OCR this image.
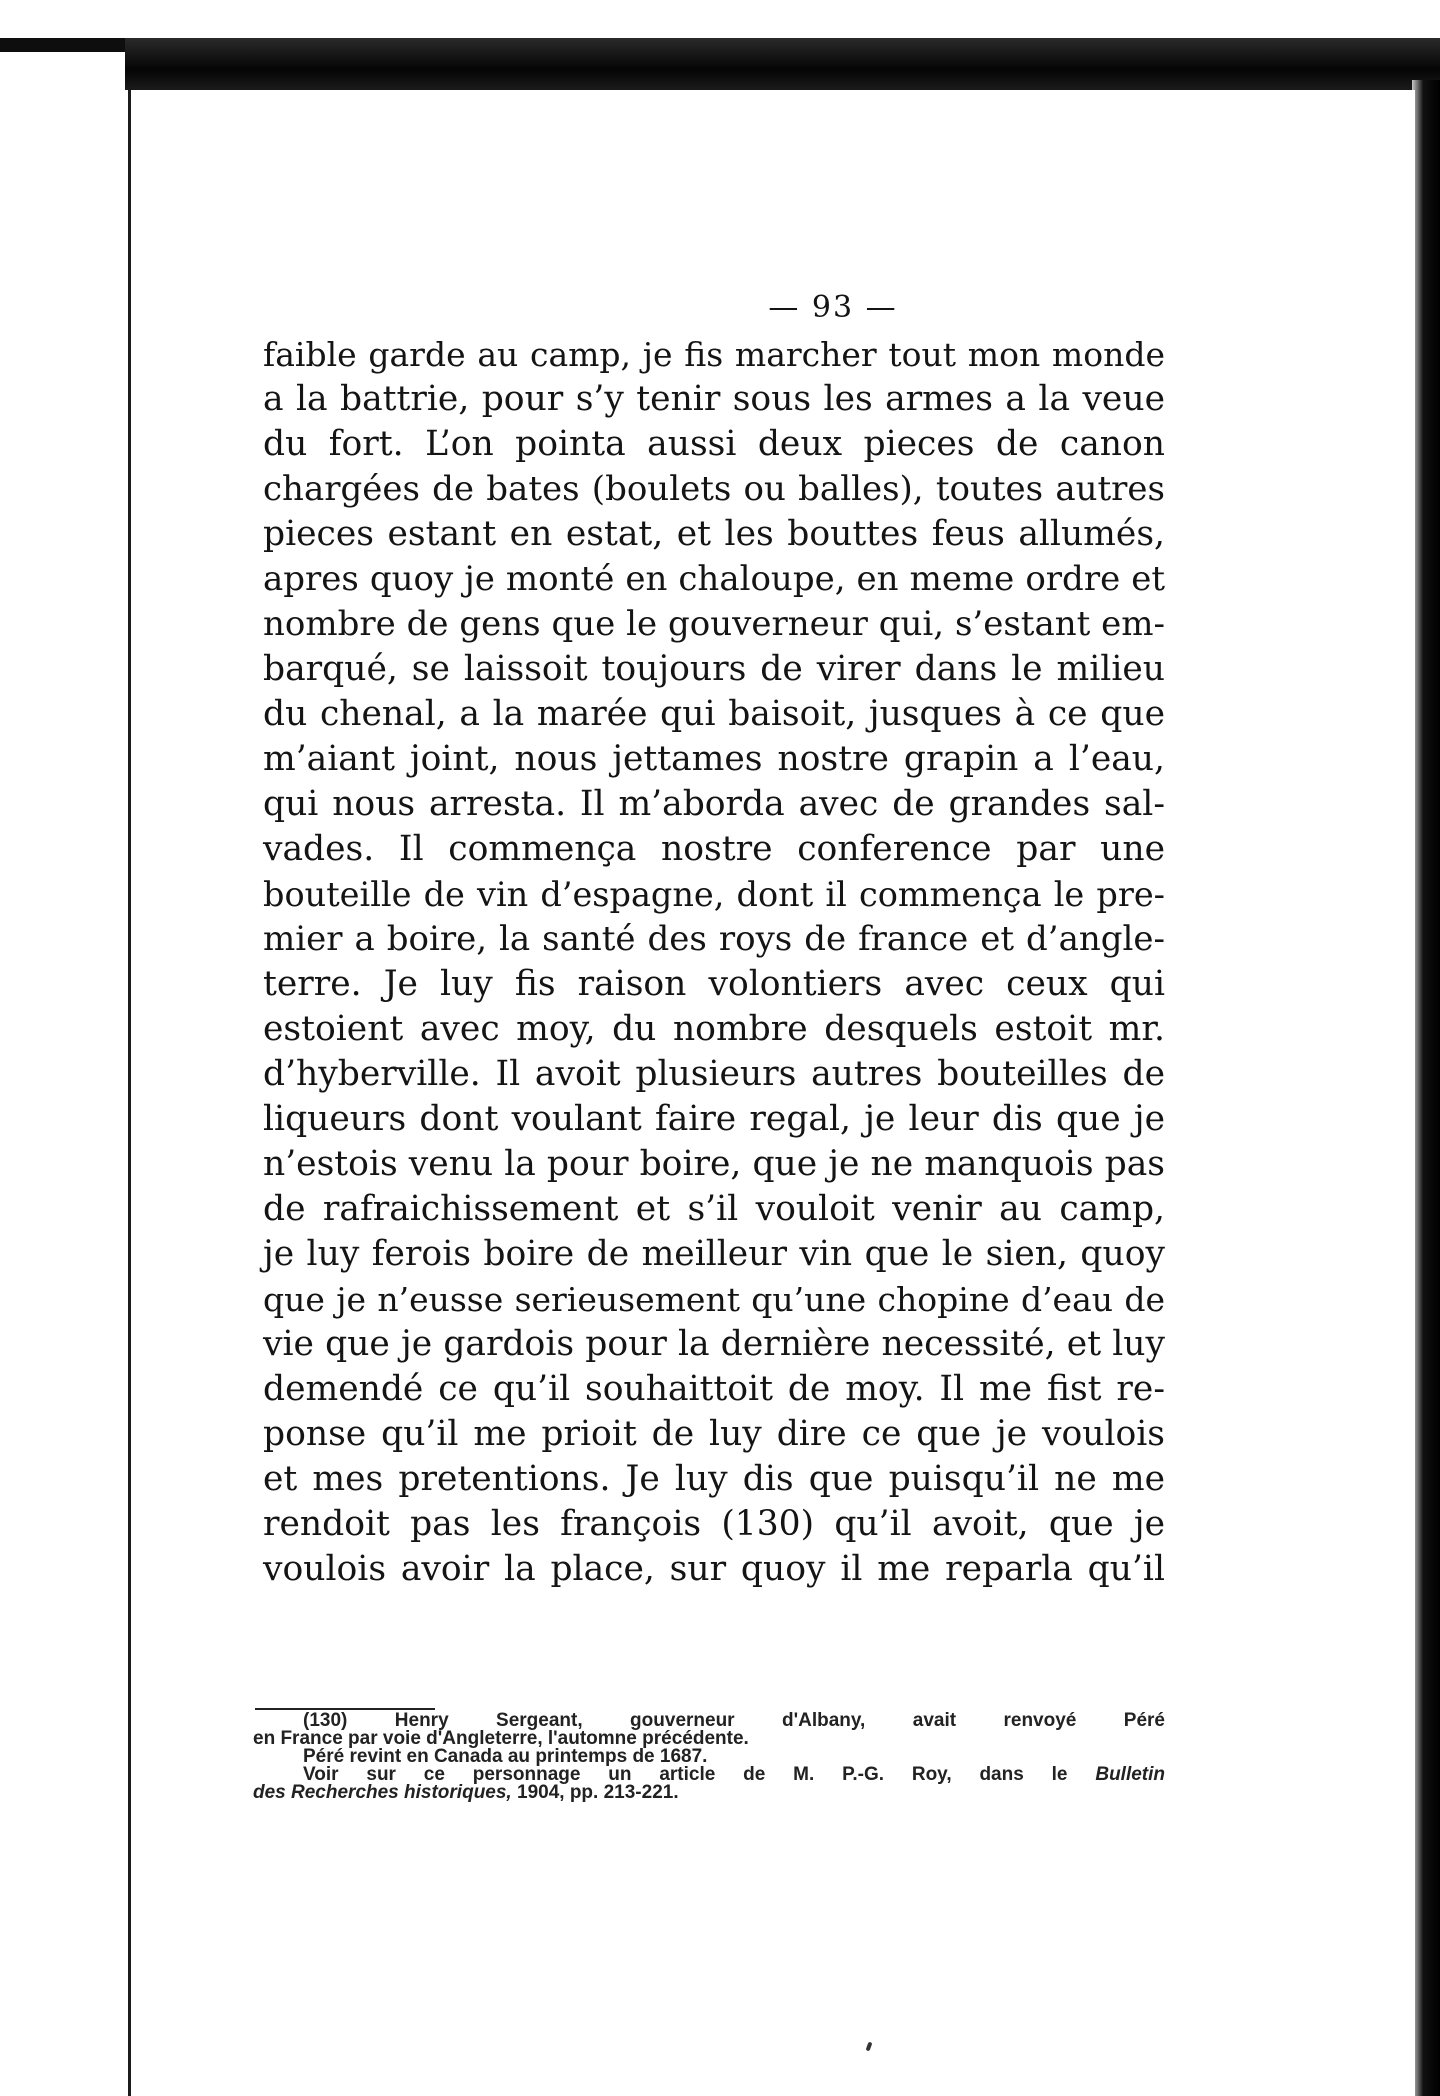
— 93 —
faible garde au camp, je fis marcher tout mon monde
a la battrie, pour s’y tenir sous les armes a la veue
du fort. L’on pointa aussi deux pieces de canon
chargées de bates (boulets ou balles), toutes autres
pieces estant en estat, et les bouttes feus allumés,
apres quoy je monté en chaloupe, en meme ordre et
nombre de gens que le gouverneur qui, s’estant em-
barqué, se laissoit toujours de virer dans le milieu
du chenal, a la marée qui baisoit, jusques à ce que
m’aiant joint, nous jettames nostre grapin a l’eau,
qui nous arresta. Il m’aborda avec de grandes sal-
vades. Il commença nostre conference par une
bouteille de vin d’espagne, dont il commença le pre-
mier a boire, la santé des roys de france et d’angle-
terre. Je luy fis raison volontiers avec ceux qui
estoient avec moy, du nombre desquels estoit mr.
d’hyberville. Il avoit plusieurs autres bouteilles de
liqueurs dont voulant faire regal, je leur dis que je
n’estois venu la pour boire, que je ne manquois pas
de rafraichissement et s’il vouloit venir au camp,
je luy ferois boire de meilleur vin que le sien, quoy
que je n’eusse serieusement qu’une chopine d’eau de
vie que je gardois pour la dernière necessité, et luy
demendé ce qu’il souhaittoit de moy. Il me fist re-
ponse qu’il me prioit de luy dire ce que je voulois
et mes pretentions. Je luy dis que puisqu’il ne me
rendoit pas les françois (130) qu’il avoit, que je
voulois avoir la place, sur quoy il me reparla qu’il
(130) Henry Sergeant, gouverneur d'Albany, avait renvoyé Péré
en France par voie d'Angleterre, l'automne précédente.
Péré revint en Canada au printemps de 1687.
Voir sur ce personnage un article de M. P.-G. Roy, dans le Bulletin
des Recherches historiques, 1904, pp. 213-221.
